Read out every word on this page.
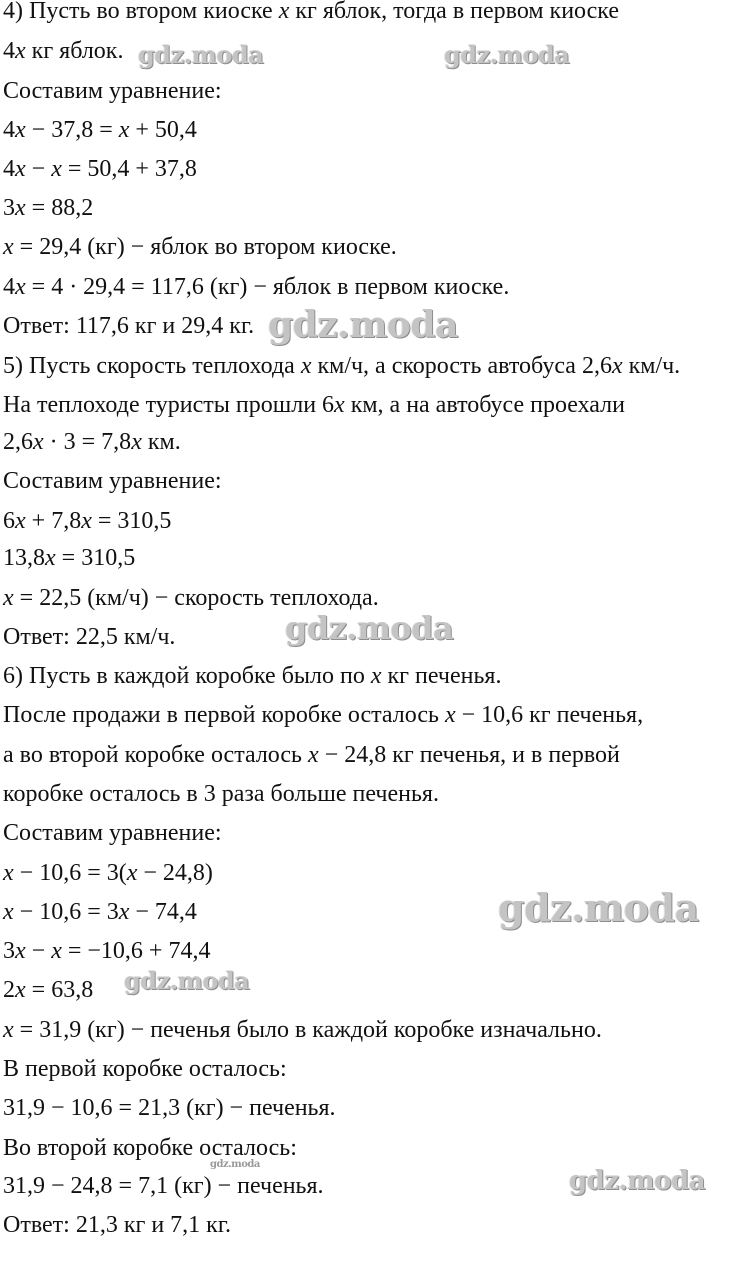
4) Пусть во втором киоске x кг яблок, тогда в первом киоске
4x кг яблок.
Составим уравнение:
4x − 37,8 = x + 50,4
4x − x = 50,4 + 37,8
3x = 88,2
x = 29,4 (кг) − яблок во втором киоске.
4x = 4 · 29,4 = 117,6 (кг) − яблок в первом киоске.
Ответ: 117,6 кг и 29,4 кг.
5) Пусть скорость теплохода x км/ч, а скорость автобуса 2,6x км/ч.
На теплоходе туристы прошли 6x км, а на автобусе проехали
2,6x · 3 = 7,8x км.
Составим уравнение:
6x + 7,8x = 310,5
13,8x = 310,5
x = 22,5 (км/ч) − скорость теплохода.
Ответ: 22,5 км/ч.
6) Пусть в каждой коробке было по x кг печенья.
После продажи в первой коробке осталось x − 10,6 кг печенья,
а во второй коробке осталось x − 24,8 кг печенья, и в первой
коробке осталось в 3 раза больше печенья.
Составим уравнение:
x − 10,6 = 3(x − 24,8)
x − 10,6 = 3x − 74,4
3x − x = −10,6 + 74,4
2x = 63,8
x = 31,9 (кг) − печенья было в каждой коробке изначально.
В первой коробке осталось:
31,9 − 10,6 = 21,3 (кг) − печенья.
Во второй коробке осталось:
31,9 − 24,8 = 7,1 (кг) − печенья.
Ответ: 21,3 кг и 7,1 кг.
gdz.moda	gdz.moda
gdz.moda
gdz.moda
gdz.moda
gdz.moda
gdz.moda
gdz.moda
